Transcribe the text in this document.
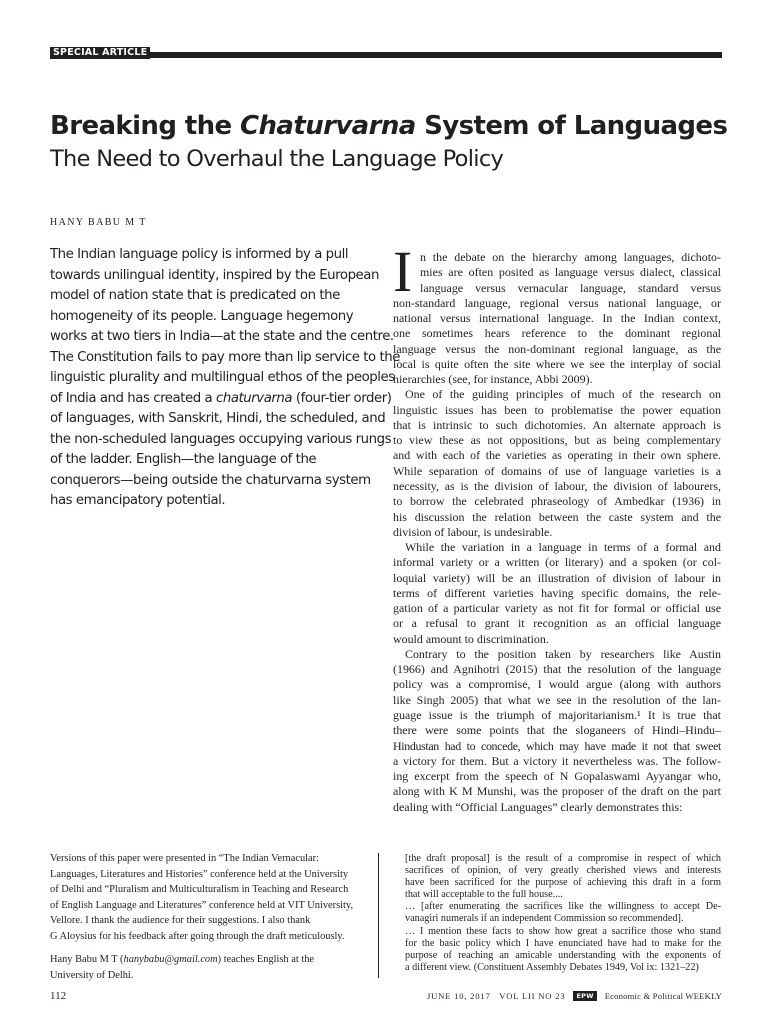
SPECIAL ARTICLE
Breaking the Chaturvarna System of Languages
The Need to Overhaul the Language Policy
HANY BABU M T
The Indian language policy is informed by a pull
towards unilingual identity, inspired by the European
model of nation state that is predicated on the
homogeneity of its people. Language hegemony
works at two tiers in India—at the state and the centre.
The Constitution fails to pay more than lip service to the
linguistic plurality and multilingual ethos of the peoples
of India and has created a chaturvarna (four-tier order)
of languages, with Sanskrit, Hindi, the scheduled, and
the non-scheduled languages occupying various rungs
of the ladder. English—the language of the
conquerors—being outside the chaturvarna system
has emancipatory potential.
Versions of this paper were presented in “The Indian Vernacular:
Languages, Literatures and Histories” conference held at the University
of Delhi and “Pluralism and Multiculturalism in Teaching and Research
of English Language and Literatures” conference held at VIT University,
Vellore. I thank the audience for their suggestions. I also thank
G Aloysius for his feedback after going through the draft meticulously.
Hany Babu M T (hanybabu@gmail.com) teaches English at the
University of Delhi.
I n the debate on the hierarchy among languages, dichoto-
mies are often posited as language versus dialect, classical
language versus vernacular language, standard versus
non-standard language, regional versus national language, or
national versus international language. In the Indian context,
one sometimes hears reference to the dominant regional
language versus the non-dominant regional language, as the
local is quite often the site where we see the interplay of social
hierarchies (see, for instance, Abbi 2009).
One of the guiding principles of much of the research on
linguistic issues has been to problematise the power equation
that is intrinsic to such dichotomies. An alternate approach is
to view these as not oppositions, but as being complementary
and with each of the varieties as operating in their own sphere.
While separation of domains of use of language varieties is a
necessity, as is the division of labour, the division of labourers,
to borrow the celebrated phraseology of Ambedkar (1936) in
his discussion the relation between the caste system and the
division of labour, is undesirable.
While the variation in a language in terms of a formal and
informal variety or a written (or literary) and a spoken (or col-
loquial variety) will be an illustration of division of labour in
terms of different varieties having specific domains, the rele-
gation of a particular variety as not fit for formal or official use
or a refusal to grant it recognition as an official language
would amount to discrimination.
Contrary to the position taken by researchers like Austin
(1966) and Agnihotri (2015) that the resolution of the language
policy was a compromise, I would argue (along with authors
like Singh 2005) that what we see in the resolution of the lan-
guage issue is the triumph of majoritarianism.¹ It is true that
there were some points that the sloganeers of Hindi–Hindu–
Hindustan had to concede, which may have made it not that sweet
a victory for them. But a victory it nevertheless was. The follow-
ing excerpt from the speech of N Gopalaswami Ayyangar who,
along with K M Munshi, was the proposer of the draft on the part
dealing with “Official Languages” clearly demonstrates this:
[the draft proposal] is the result of a compromise in respect of which
sacrifices of opinion, of very greatly cherished views and interests
have been sacrificed for the purpose of achieving this draft in a form
that will acceptable to the full house....
… [after enumerating the sacrifices like the willingness to accept De-
vanagiri numerals if an independent Commission so recommended].
… I mention these facts to show how great a sacrifice those who stand
for the basic policy which I have enunciated have had to make for the
purpose of reaching an amicable understanding with the exponents of
a different view. (Constituent Assembly Debates 1949, Vol ix: 1321–22)
112	JUNE 10, 2017   VOL LII NO 23	EPW	Economic & Political WEEKLY
